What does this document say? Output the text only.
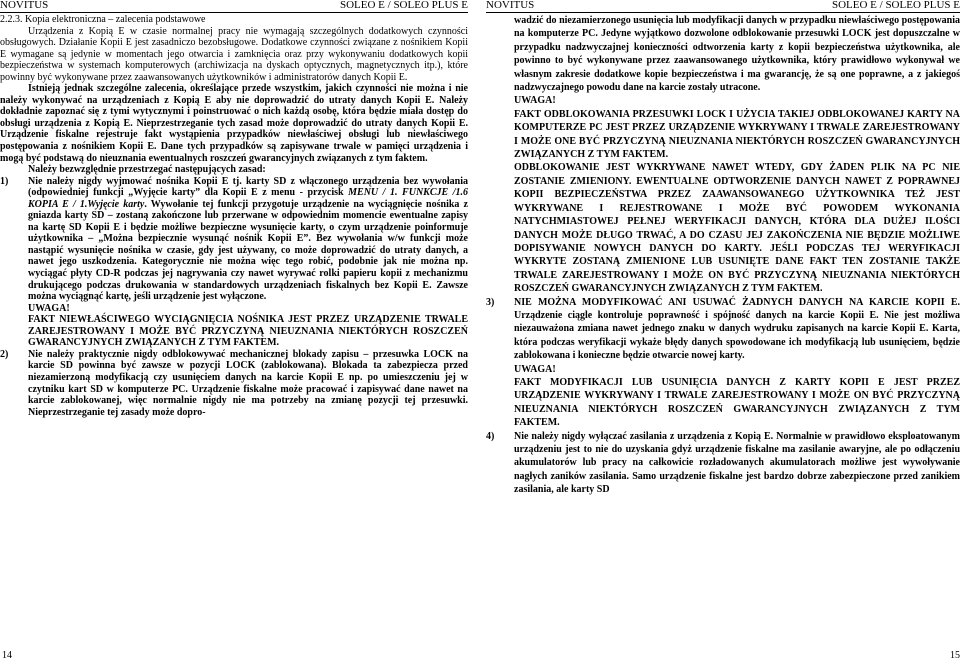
NOVITUS	SOLEO E / SOLEO PLUS E

2.2.3. Kopia elektroniczna – zalecenia podstawowe

Urządzenia z Kopią E w czasie normalnej pracy nie wymagają szczególnych dodatkowych czynności obsługowych. Działanie Kopii E jest zasadniczo bezobsługowe. Dodatkowe czynności związane z nośnikiem Kopii E wymagane są jedynie w momentach jego otwarcia i zamknięcia oraz przy wykonywaniu dodatkowych kopii bezpieczeństwa w systemach komputerowych (archiwizacja na dyskach optycznych, magnetycznych itp.), które powinny być wykonywane przez zaawansowanych użytkowników i administratorów danych Kopii E.

Istnieją jednak szczególne zalecenia, określające przede wszystkim, jakich czynności nie można i nie należy wykonywać na urządzeniach z Kopią E aby nie doprowadzić do utraty danych Kopii E. Należy dokładnie zapoznać się z tymi wytycznymi i poinstruować o nich każdą osobę, która będzie miała dostęp do obsługi urządzenia z Kopią E. Nieprzestrzeganie tych zasad może doprowadzić do utraty danych Kopii E. Urządzenie fiskalne rejestruje fakt wystąpienia przypadków niewłaściwej obsługi lub niewłaściwego postępowania z nośnikiem Kopii E. Dane tych przypadków są zapisywane trwale w pamięci urządzenia i mogą być podstawą do nieuznania ewentualnych roszczeń gwarancyjnych związanych z tym faktem.

Należy bezwzględnie przestrzegać następujących zasad:

1)	Nie należy nigdy wyjmować nośnika Kopii E tj. karty SD z włączonego urządzenia bez wywołania (odpowiedniej funkcji „Wyjęcie karty” dla Kopii E z menu - przycisk MENU / 1. FUNKCJE /1.6 KOPIA E / 1.Wyjęcie karty. Wywołanie tej funkcji przygotuje urządzenie na wyciągnięcie nośnika z gniazda karty SD – zostaną zakończone lub przerwane w odpowiednim momencie ewentualne zapisy na kartę SD Kopii E i będzie możliwe bezpieczne wysunięcie karty, o czym urządzenie poinformuje użytkownika – „Można bezpiecznie wysunąć nośnik Kopii E”. Bez wywołania w/w funkcji może nastąpić wysunięcie nośnika w czasie, gdy jest używany, co może doprowadzić do utraty danych, a nawet jego uszkodzenia. Kategorycznie nie można więc tego robić, podobnie jak nie można np. wyciągać płyty CD-R podczas jej nagrywania czy nawet wyrywać rolki papieru kopii z mechanizmu drukującego podczas drukowania w standardowych urządzeniach fiskalnych bez Kopii E. Zawsze można wyciągnąć kartę, jeśli urządzenie jest wyłączone.

UWAGA!

FAKT NIEWŁAŚCIWEGO WYCIĄGNIĘCIA NOŚNIKA JEST PRZEZ URZĄDZENIE TRWALE ZAREJESTROWANY I MOŻE BYĆ PRZYCZYNĄ NIEUZNANIA NIEKTÓRYCH ROSZCZEŃ GWARANCYJNYCH ZWIĄZANYCH Z TYM FAKTEM.

2)	Nie należy praktycznie nigdy odblokowywać mechanicznej blokady zapisu – przesuwka LOCK na karcie SD powinna być zawsze w pozycji LOCK (zablokowana). Blokada ta zabezpiecza przed niezamierzoną modyfikacją czy usunięciem danych na karcie Kopii E np. po umieszczeniu jej w czytniku kart SD w komputerze PC. Urządzenie fiskalne może pracować i zapisywać dane nawet na karcie zablokowanej, więc normalnie nigdy nie ma potrzeby na zmianę pozycji tej przesuwki. Nieprzestrzeganie tej zasady może dopro-
14
NOVITUS	SOLEO E / SOLEO PLUS E

wadzić do niezamierzonego usunięcia lub modyfikacji danych w przypadku niewłaściwego postępowania na komputerze PC. Jedyne wyjątkowo dozwolone odblokowanie przesuwki LOCK jest dopuszczalne w przypadku nadzwyczajnej konieczności odtworzenia karty z kopii bezpieczeństwa użytkownika, ale powinno to być wykonywane przez zaawansowanego użytkownika, który prawidłowo wykonywał we własnym zakresie dodatkowe kopie bezpieczeństwa i ma gwarancję, że są one poprawne, a z jakiegoś nadzwyczajnego powodu dane na karcie zostały utracone.

UWAGA!

FAKT ODBLOKOWANIA PRZESUWKI LOCK I UŻYCIA TAKIEJ ODBLOKOWANEJ KARTY NA KOMPUTERZE PC JEST PRZEZ URZĄDZENIE WYKRYWANY I TRWALE ZAREJESTROWANY I MOŻE ONE BYĆ PRZYCZYNĄ NIEUZNANIA NIEKTÓRYCH ROSZCZEŃ GWARANCYJNYCH ZWIĄZANYCH Z TYM FAKTEM.

ODBLOKOWANIE JEST WYKRYWANE NAWET WTEDY, GDY ŻADEN PLIK NA PC NIE ZOSTANIE ZMIENIONY. EWENTUALNE ODTWORZENIE DANYCH NAWET Z POPRAWNEJ KOPII BEZPIECZEŃSTWA PRZEZ ZAAWANSOWANEGO UŻYTKOWNIKA TEŻ JEST WYKRYWANE I REJESTROWANE I MOŻE BYĆ POWODEM WYKONANIA NATYCHMIASTOWEJ PEŁNEJ WERYFIKACJI DANYCH, KTÓRA DLA DUŻEJ ILOŚCI DANYCH MOŻE DŁUGO TRWAĆ, A DO CZASU JEJ ZAKOŃCZENIA NIE BĘDZIE MOŻLIWE DOPISYWANIE NOWYCH DANYCH DO KARTY. JEŚLI PODCZAS TEJ WERYFIKACJI WYKRYTE ZOSTANĄ ZMIENIONE LUB USUNIĘTE DANE FAKT TEN ZOSTANIE TAKŻE TRWALE ZAREJESTROWANY I MOŻE ON BYĆ PRZYCZYNĄ NIEUZNANIA NIEKTÓRYCH ROSZCZEŃ GWARANCYJNYCH ZWIĄZANYCH Z TYM FAKTEM.

3)	NIE MOŻNA MODYFIKOWAĆ ANI USUWAĆ ŻADNYCH DANYCH NA KARCIE KOPII E. Urządzenie ciągle kontroluje poprawność i spójność danych na karcie Kopii E. Nie jest możliwa niezauważona zmiana nawet jednego znaku w danych wydruku zapisanych na karcie Kopii E. Karta, która podczas weryfikacji wykaże błędy danych spowodowane ich modyfikacją lub usunięciem, będzie zablokowana i konieczne będzie otwarcie nowej karty.

UWAGA!

FAKT MODYFIKACJI LUB USUNIĘCIA DANYCH Z KARTY KOPII E JEST PRZEZ URZĄDZENIE WYKRYWANY I TRWALE ZAREJESTROWANY I MOŻE ON BYĆ PRZYCZYNĄ NIEUZNANIA NIEKTÓRYCH ROSZCZEŃ GWARANCYJNYCH ZWIĄZANYCH Z TYM FAKTEM.

4)	Nie należy nigdy wyłączać zasilania z urządzenia z Kopią E. Normalnie w prawidłowo eksploatowanym urządzeniu jest to nie do uzyskania gdyż urządzenie fiskalne ma zasilanie awaryjne, ale po odłączeniu akumulatorów lub pracy na całkowicie rozładowanych akumulatorach możliwe jest wywoływanie nagłych zaników zasilania. Samo urządzenie fiskalne jest bardzo dobrze zabezpieczone przed zanikiem zasilania, ale karty SD
15
